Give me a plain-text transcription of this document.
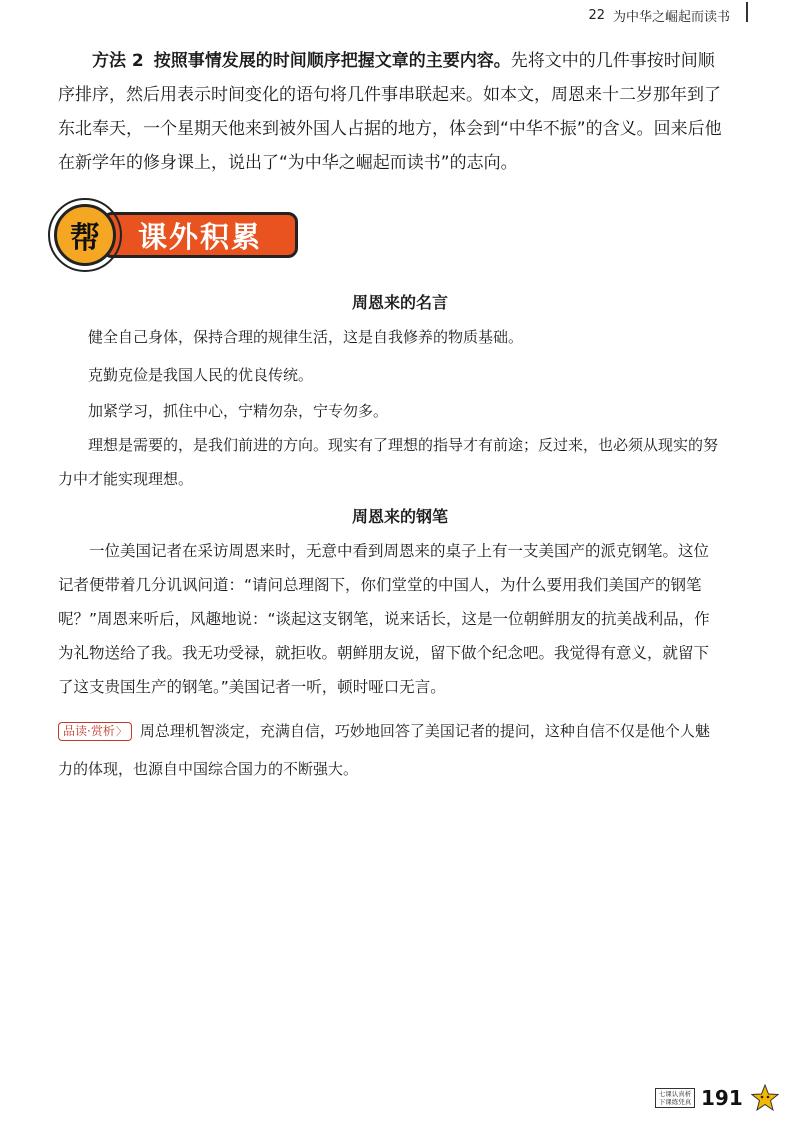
22 为中华之崛起而读书

方法 2 按照事情发展的时间顺序把握文章的主要内容。先将文中的几件事按时间顺序排序，然后用表示时间变化的语句将几件事串联起来。如本文，周恩来十二岁那年到了东北奉天，一个星期天他来到被外国人占据的地方，体会到“中华不振”的含义。回来后他在新学年的修身课上，说出了“为中华之崛起而读书”的志向。

课外积累
帮
周恩来的名言

健全自己身体，保持合理的规律生活，这是自我修养的物质基础。

克勤克俭是我国人民的优良传统。

加紧学习，抓住中心，宁精勿杂，宁专勿多。

理想是需要的，是我们前进的方向。现实有了理想的指导才有前途；反过来，也必须从现实的努力中才能实现理想。

周恩来的钢笔

一位美国记者在采访周恩来时，无意中看到周恩来的桌子上有一支美国产的派克钢笔。这位记者便带着几分讥讽问道：“请问总理阁下，你们堂堂的中国人，为什么要用我们美国产的钢笔呢？”周恩来听后，风趣地说：“谈起这支钢笔，说来话长，这是一位朝鲜朋友的抗美战利品，作为礼物送给了我。我无功受禄，就拒收。朝鲜朋友说，留下做个纪念吧。我觉得有意义，就留下了这支贵国生产的钢笔。”美国记者一听，顿时哑口无言。

品读·赏析 〉 周总理机智淡定，充满自信，巧妙地回答了美国记者的提问，这种自信不仅是他个人魅力的体现，也源自中国综合国力的不断强大。

七课认真析 下课练凭真 191
